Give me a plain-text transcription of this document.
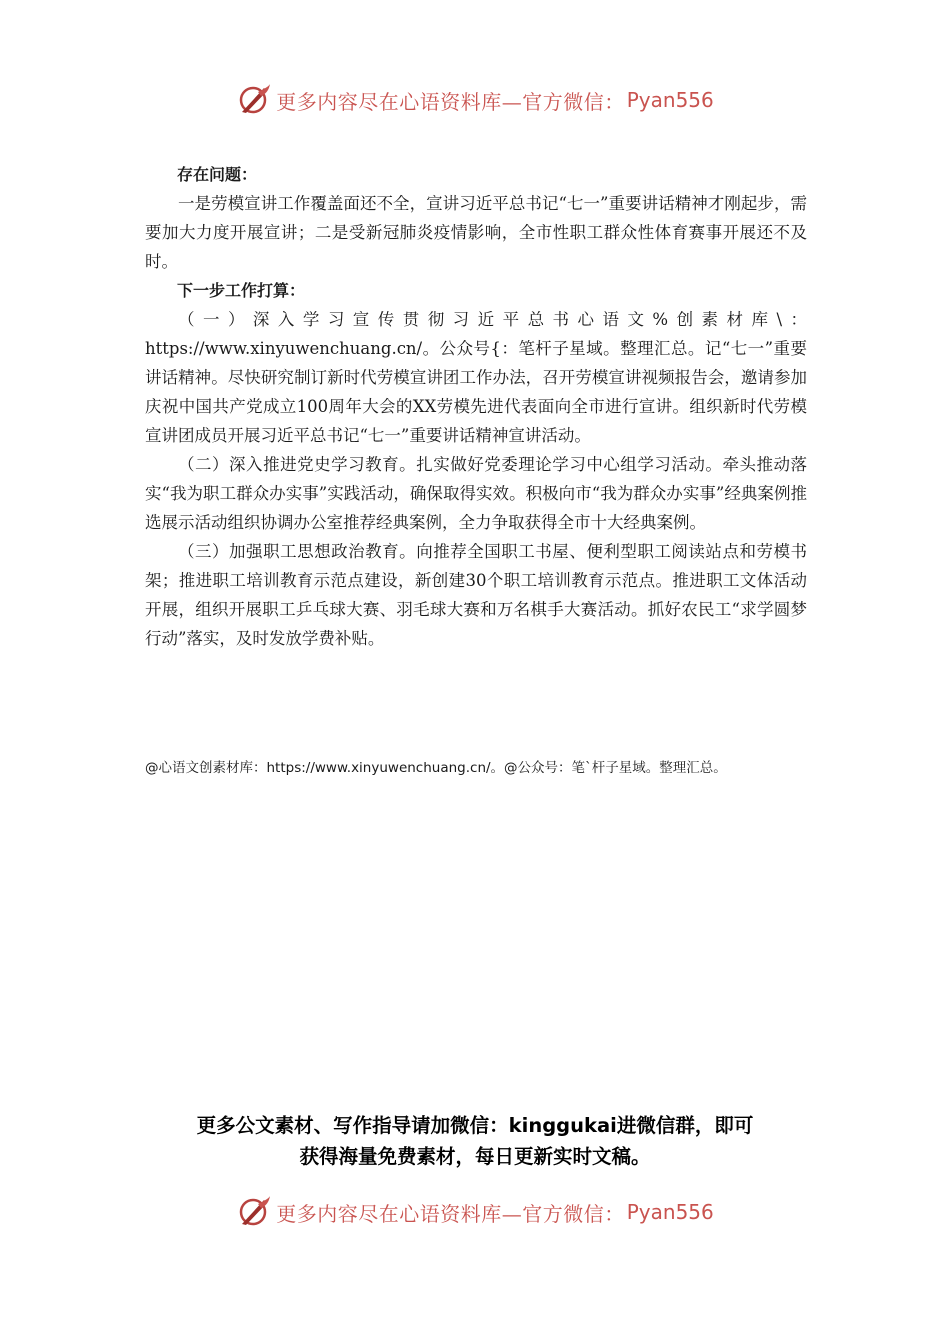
更多内容尽在心语资料库—官方微信： Pyan556

存在问题：

一是劳模宣讲工作覆盖面还不全，宣讲习近平总书记“七一”重要讲话精神才刚起步，需要加大力度开展宣讲；二是受新冠肺炎疫情影响，全市性职工群众性体育赛事开展还不及时。

下一步工作打算：

（一）深入学习宣传贯彻习近平总书心语文%创素材库\：https://www.xinyuwenchuang.cn/。公众号{：笔杆子星域。整理汇总。记“七一”重要讲话精神。尽快研究制订新时代劳模宣讲团工作办法，召开劳模宣讲视频报告会，邀请参加庆祝中国共产党成立100周年大会的XX劳模先进代表面向全市进行宣讲。组织新时代劳模宣讲团成员开展习近平总书记“七一”重要讲话精神宣讲活动。

（二）深入推进党史学习教育。扎实做好党委理论学习中心组学习活动。牵头推动落实“我为职工群众办实事”实践活动，确保取得实效。积极向市“我为群众办实事”经典案例推选展示活动组织协调办公室推荐经典案例，全力争取获得全市十大经典案例。

（三）加强职工思想政治教育。向推荐全国职工书屋、便利型职工阅读站点和劳模书架；推进职工培训教育示范点建设，新创建30个职工培训教育示范点。推进职工文体活动开展，组织开展职工乒乓球大赛、羽毛球大赛和万名棋手大赛活动。抓好农民工“求学圆梦行动”落实，及时发放学费补贴。

@心语文创素材库：https://www.xinyuwenchuang.cn/。@公众号：笔`杆子星域。整理汇总。
更多公文素材、写作指导请加微信：kinggukai进微信群，即可
获得海量免费素材，每日更新实时文稿。
更多内容尽在心语资料库—官方微信： Pyan556
